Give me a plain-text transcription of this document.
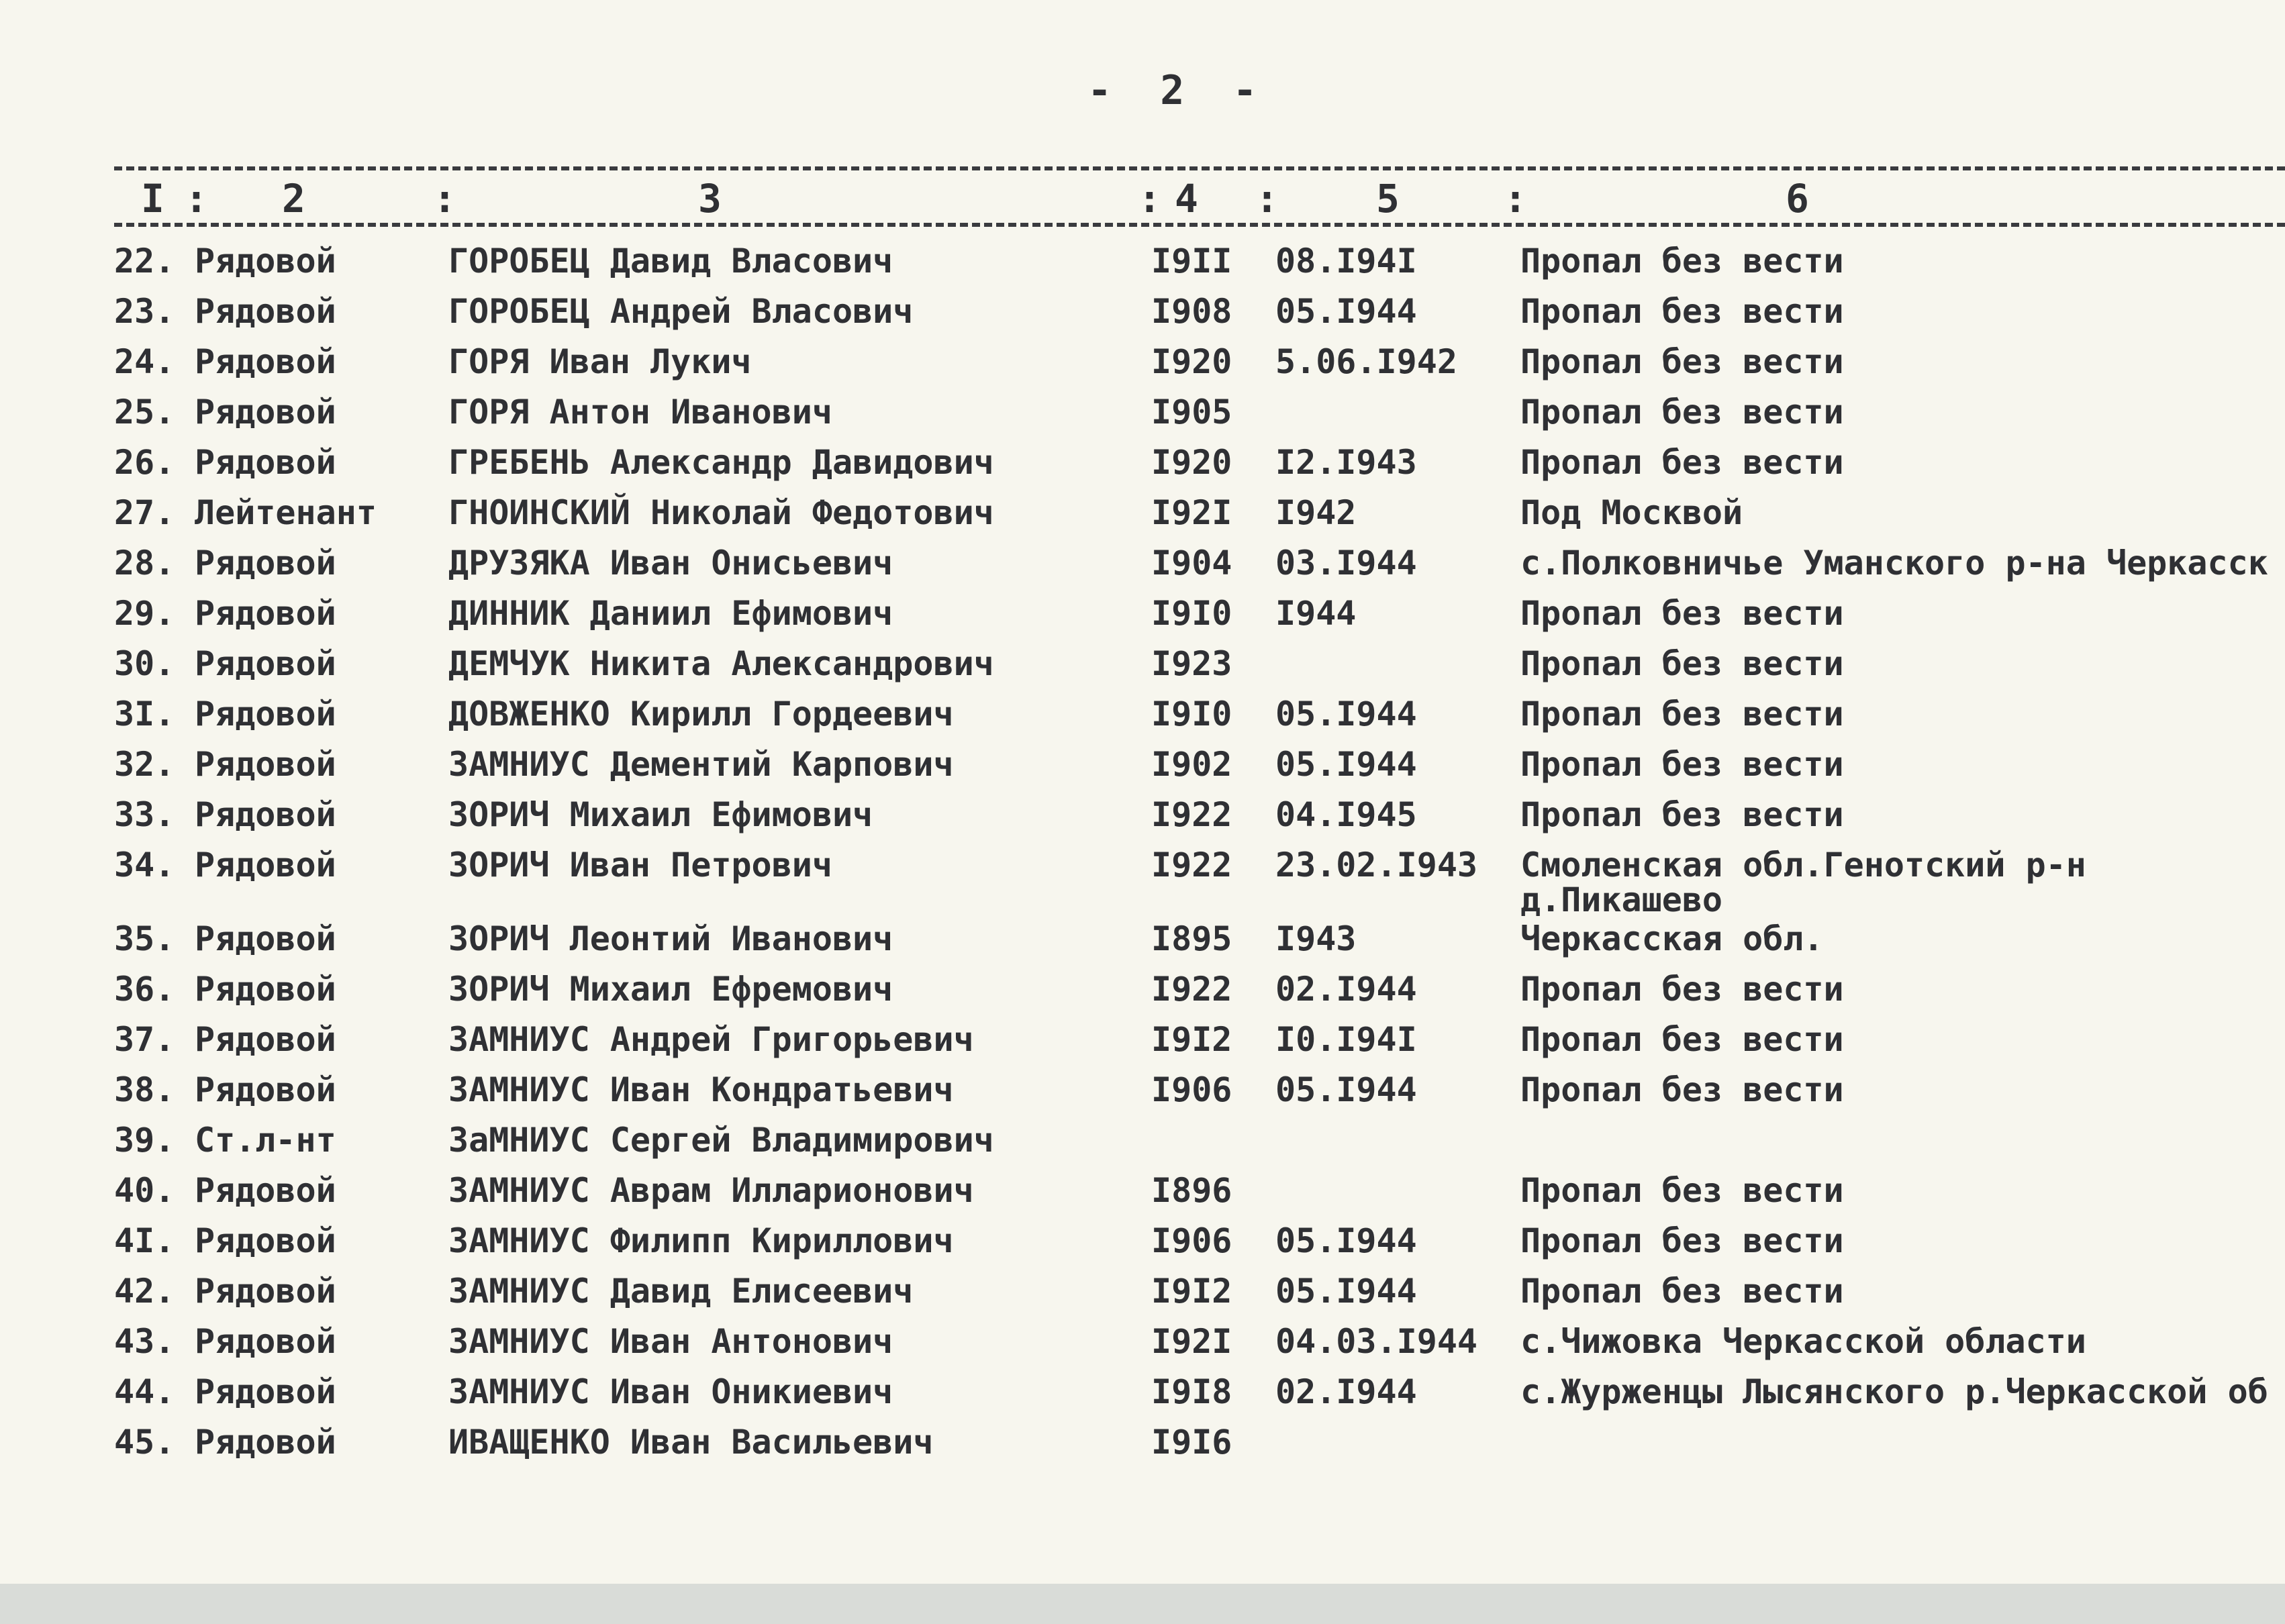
- 2 -
I : 2	:	3	: 4 :	5	:	6
22. Рядовой	ГОРОБЕЦ Давид Власович	I9II 08.I94I	Пропал без вести
23. Рядовой	ГОРОБЕЦ Андрей Власович	I908 05.I944	Пропал без вести
24. Рядовой	ГОРЯ Иван Лукич	I920 5.06.I942 Пропал без вести
25. Рядовой	ГОРЯ Антон Иванович	I905	Пропал без вести
26. Рядовой	ГРЕБЕНЬ Александр Давидович	I920 I2.I943	Пропал без вести
27. Лейтенант ГНОИНСКИЙ Николай Федотович	I92I I942	Под Москвой
28. Рядовой	ДРУЗЯКА Иван Онисьевич	I904 03.I944	с.Полковничье Уманского р-на Черкасск
29. Рядовой	ДИННИК Даниил Ефимович	I9I0 I944	Пропал без вести
30. Рядовой	ДЕМЧУК Никита Александрович	I923	Пропал без вести
3I. Рядовой	ДОВЖЕНКО Кирилл Гордеевич	I9I0 05.I944	Пропал без вести
32. Рядовой	ЗАМНИУС Дементий Карпович	I902 05.I944	Пропал без вести
33. Рядовой	ЗОРИЧ Михаил Ефимович	I922 04.I945	Пропал без вести
34. Рядовой	ЗОРИЧ Иван Петрович	I922 23.02.I943 Смоленская обл.Генотский р-н
д.Пикашево
35. Рядовой	ЗОРИЧ Леонтий Иванович	I895 I943	Черкасская обл.
36. Рядовой	ЗОРИЧ Михаил Ефремович	I922 02.I944	Пропал без вести
37. Рядовой	ЗАМНИУС Андрей Григорьевич	I9I2 I0.I94I	Пропал без вести
38. Рядовой	ЗАМНИУС Иван Кондратьевич	I906 05.I944	Пропал без вести
39. Ст.л-нт	ЗаМНИУС Сергей Владимирович
40. Рядовой	ЗАМНИУС Аврам Илларионович	I896	Пропал без вести
4I. Рядовой	ЗАМНИУС Филипп Кириллович	I906 05.I944	Пропал без вести
42. Рядовой	ЗАМНИУС Давид Елисеевич	I9I2 05.I944	Пропал без вести
43. Рядовой	ЗАМНИУС Иван Антонович	I92I 04.03.I944 с.Чижовка Черкасской области
44. Рядовой	ЗАМНИУС Иван Оникиевич	I9I8 02.I944	с.Журженцы Лысянского р.Черкасской об
45. Рядовой	ИВАЩЕНКО Иван Васильевич	I9I6
